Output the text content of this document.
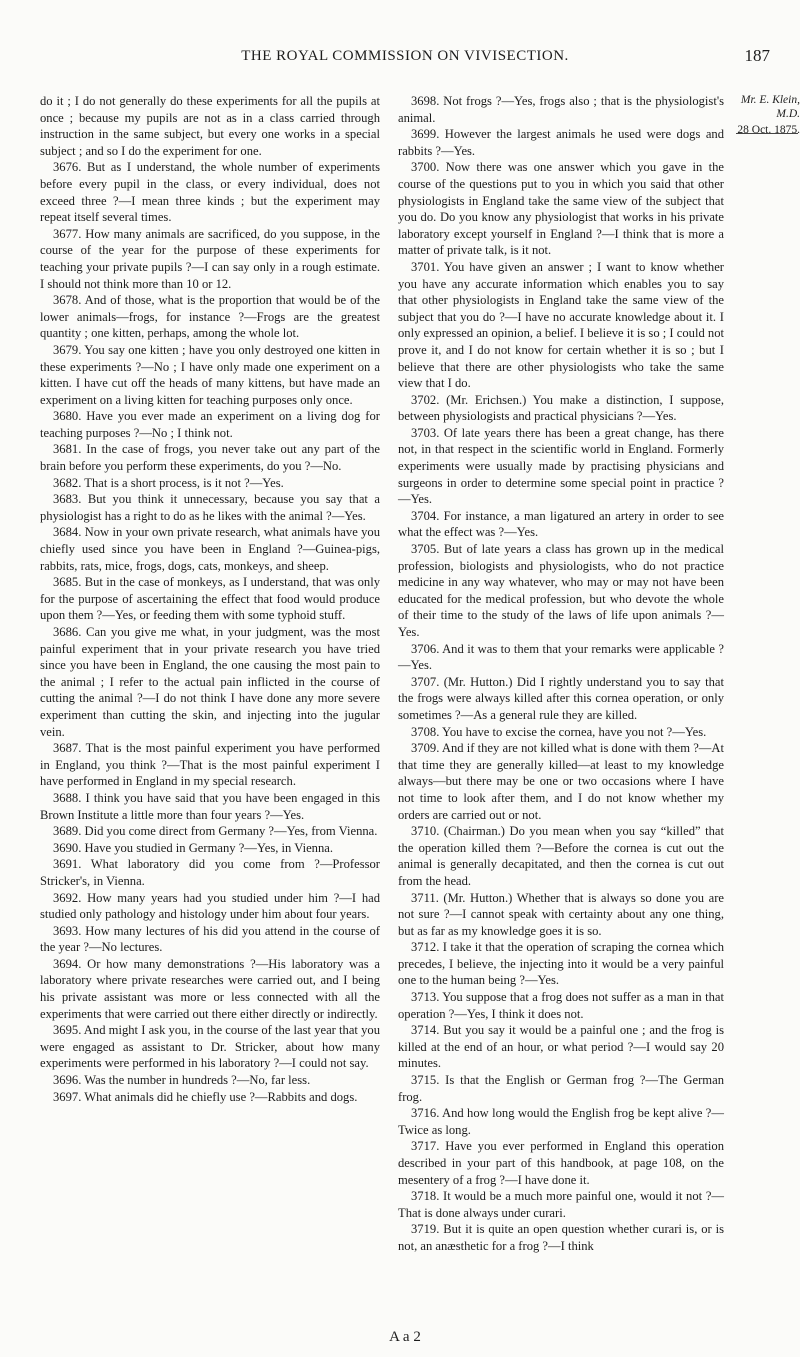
THE ROYAL COMMISSION ON VIVISECTION.	187

do it ; I do not generally do these experiments for all the pupils at once ; because my pupils are not as in a class carried through instruction in the same subject, but every one works in a special subject ; and so I do the experiment for one.

3676. But as I understand, the whole number of experiments before every pupil in the class, or every individual, does not exceed three ?—I mean three kinds ; but the experiment may repeat itself several times.

3677. How many animals are sacrificed, do you suppose, in the course of the year for the purpose of these experiments for teaching your private pupils ?—I can say only in a rough estimate. I should not think more than 10 or 12.

3678. And of those, what is the proportion that would be of the lower animals—frogs, for instance ?—Frogs are the greatest quantity ; one kitten, perhaps, among the whole lot.

3679. You say one kitten ; have you only destroyed one kitten in these experiments ?—No ; I have only made one experiment on a kitten. I have cut off the heads of many kittens, but have made an experiment on a living kitten for teaching purposes only once.

3680. Have you ever made an experiment on a living dog for teaching purposes ?—No ; I think not.

3681. In the case of frogs, you never take out any part of the brain before you perform these experiments, do you ?—No.

3682. That is a short process, is it not ?—Yes.

3683. But you think it unnecessary, because you say that a physiologist has a right to do as he likes with the animal ?—Yes.

3684. Now in your own private research, what animals have you chiefly used since you have been in England ?—Guinea-pigs, rabbits, rats, mice, frogs, dogs, cats, monkeys, and sheep.

3685. But in the case of monkeys, as I understand, that was only for the purpose of ascertaining the effect that food would produce upon them ?—Yes, or feeding them with some typhoid stuff.

3686. Can you give me what, in your judgment, was the most painful experiment that in your private research you have tried since you have been in England, the one causing the most pain to the animal ; I refer to the actual pain inflicted in the course of cutting the animal ?—I do not think I have done any more severe experiment than cutting the skin, and injecting into the jugular vein.

3687. That is the most painful experiment you have performed in England, you think ?—That is the most painful experiment I have performed in England in my special research.

3688. I think you have said that you have been engaged in this Brown Institute a little more than four years ?—Yes.

3689. Did you come direct from Germany ?—Yes, from Vienna.

3690. Have you studied in Germany ?—Yes, in Vienna.

3691. What laboratory did you come from ?—Professor Stricker's, in Vienna.

3692. How many years had you studied under him ?—I had studied only pathology and histology under him about four years.

3693. How many lectures of his did you attend in the course of the year ?—No lectures.

3694. Or how many demonstrations ?—His laboratory was a laboratory where private researches were carried out, and I being his private assistant was more or less connected with all the experiments that were carried out there either directly or indirectly.

3695. And might I ask you, in the course of the last year that you were engaged as assistant to Dr. Stricker, about how many experiments were performed in his laboratory ?—I could not say.

3696. Was the number in hundreds ?—No, far less.

3697. What animals did he chiefly use ?—Rabbits and dogs.

3698. Not frogs ?—Yes, frogs also ; that is the physiologist's animal.

3699. However the largest animals he used were dogs and rabbits ?—Yes.

3700. Now there was one answer which you gave in the course of the questions put to you in which you said that other physiologists in England take the same view of the subject that you do. Do you know any physiologist that works in his private laboratory except yourself in England ?—I think that is more a matter of private talk, is it not.

3701. You have given an answer ; I want to know whether you have any accurate information which enables you to say that other physiologists in England take the same view of the subject that you do ?—I have no accurate knowledge about it. I only expressed an opinion, a belief. I believe it is so ; I could not prove it, and I do not know for certain whether it is so ; but I believe that there are other physiologists who take the same view that I do.

3702. (Mr. Erichsen.) You make a distinction, I suppose, between physiologists and practical physicians ?—Yes.

3703. Of late years there has been a great change, has there not, in that respect in the scientific world in England. Formerly experiments were usually made by practising physicians and surgeons in order to determine some special point in practice ?—Yes.

3704. For instance, a man ligatured an artery in order to see what the effect was ?—Yes.

3705. But of late years a class has grown up in the medical profession, biologists and physiologists, who do not practice medicine in any way whatever, who may or may not have been educated for the medical profession, but who devote the whole of their time to the study of the laws of life upon animals ?—Yes.

3706. And it was to them that your remarks were applicable ?—Yes.

3707. (Mr. Hutton.) Did I rightly understand you to say that the frogs were always killed after this cornea operation, or only sometimes ?—As a general rule they are killed.

3708. You have to excise the cornea, have you not ?—Yes.

3709. And if they are not killed what is done with them ?—At that time they are generally killed—at least to my knowledge always—but there may be one or two occasions where I have not time to look after them, and I do not know whether my orders are carried out or not.

3710. (Chairman.) Do you mean when you say “killed” that the operation killed them ?—Before the cornea is cut out the animal is generally decapitated, and then the cornea is cut out from the head.

3711. (Mr. Hutton.) Whether that is always so done you are not sure ?—I cannot speak with certainty about any one thing, but as far as my knowledge goes it is so.

3712. I take it that the operation of scraping the cornea which precedes, I believe, the injecting into it would be a very painful one to the human being ?—Yes.

3713. You suppose that a frog does not suffer as a man in that operation ?—Yes, I think it does not.

3714. But you say it would be a painful one ; and the frog is killed at the end of an hour, or what period ?—I would say 20 minutes.

3715. Is that the English or German frog ?—The German frog.

3716. And how long would the English frog be kept alive ?—Twice as long.

3717. Have you ever performed in England this operation described in your part of this handbook, at page 108, on the mesentery of a frog ?—I have done it.

3718. It would be a much more painful one, would it not ?—That is done always under curari.

3719. But it is quite an open question whether curari is, or is not, an anæsthetic for a frog ?—I think

Mr. E. Klein, M.D.
28 Oct. 1875.
A a 2
